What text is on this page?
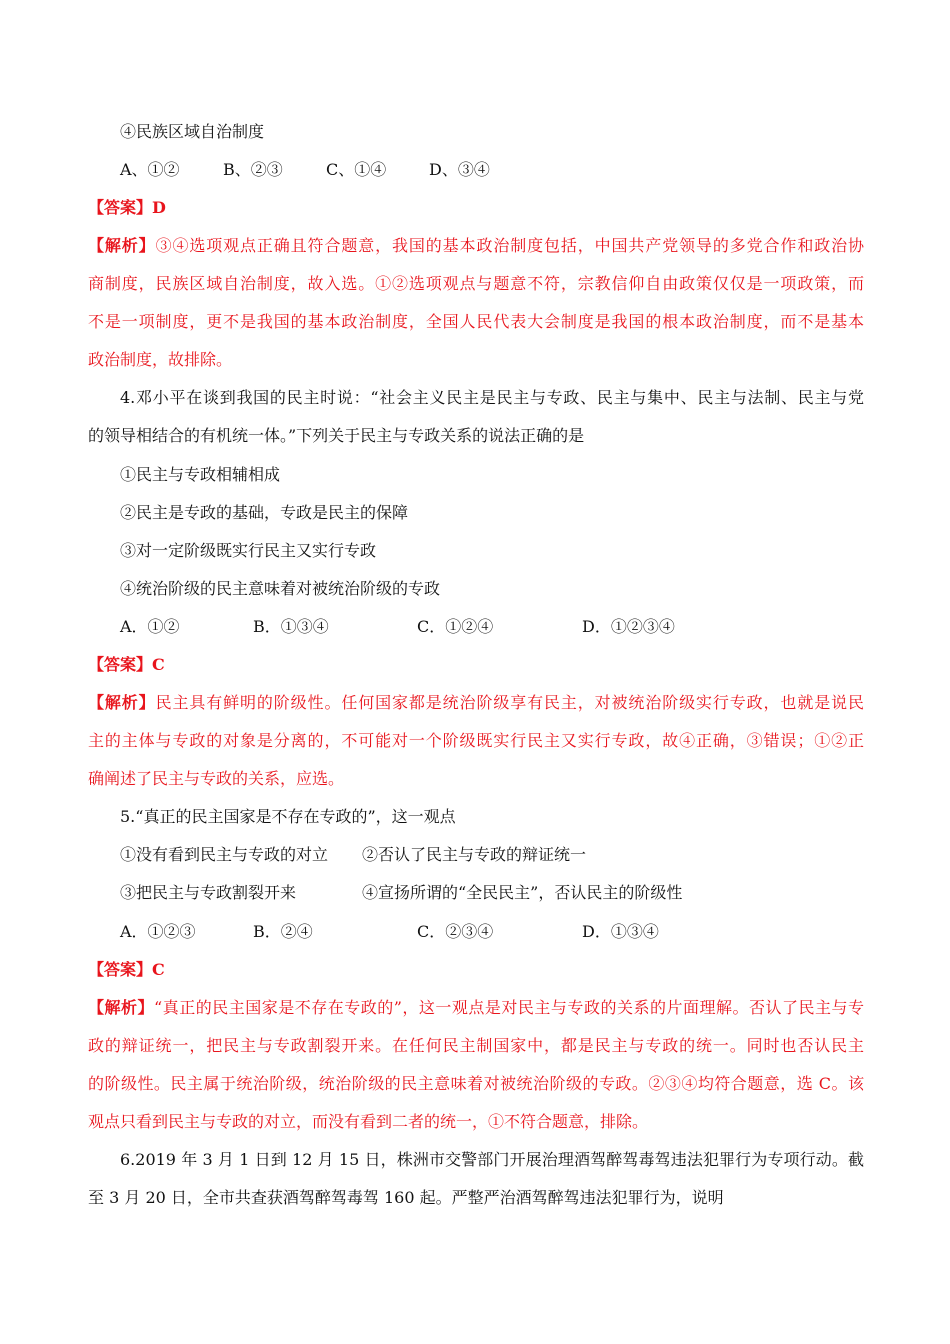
④民族区域自治制度
A、①②	B、②③	C、①④	D、③④
【答案】D
【解析】③④选项观点正确且符合题意，我国的基本政治制度包括，中国共产党领导的多党合作和政治协
商制度，民族区域自治制度，故入选。①②选项观点与题意不符，宗教信仰自由政策仅仅是一项政策，而
不是一项制度，更不是我国的基本政治制度，全国人民代表大会制度是我国的根本政治制度，而不是基本
政治制度，故排除。
4.邓小平在谈到我国的民主时说：“社会主义民主是民主与专政、民主与集中、民主与法制、民主与党
的领导相结合的有机统一体。”下列关于民主与专政关系的说法正确的是
①民主与专政相辅相成
②民主是专政的基础，专政是民主的保障
③对一定阶级既实行民主又实行专政
④统治阶级的民主意味着对被统治阶级的专政
A．①②	B．①③④	C．①②④	D．①②③④
【答案】C
【解析】民主具有鲜明的阶级性。任何国家都是统治阶级享有民主，对被统治阶级实行专政，也就是说民
主的主体与专政的对象是分离的，不可能对一个阶级既实行民主又实行专政，故④正确，③错误；①②正
确阐述了民主与专政的关系，应选。
5.“真正的民主国家是不存在专政的”，这一观点
①没有看到民主与专政的对立	②否认了民主与专政的辩证统一
③把民主与专政割裂开来	④宣扬所谓的“全民民主”，否认民主的阶级性
A．①②③	B．②④	C．②③④	D．①③④
【答案】C
【解析】“真正的民主国家是不存在专政的”，这一观点是对民主与专政的关系的片面理解。否认了民主与专
政的辩证统一，把民主与专政割裂开来。在任何民主制国家中，都是民主与专政的统一。同时也否认民主
的阶级性。民主属于统治阶级，统治阶级的民主意味着对被统治阶级的专政。②③④均符合题意，选 C。该
观点只看到民主与专政的对立，而没有看到二者的统一，①不符合题意，排除。
6.2019 年 3 月 1 日到 12 月 15 日，株洲市交警部门开展治理酒驾醉驾毒驾违法犯罪行为专项行动。截
至 3 月 20 日，全市共查获酒驾醉驾毒驾 160 起。严整严治酒驾醉驾违法犯罪行为，说明
